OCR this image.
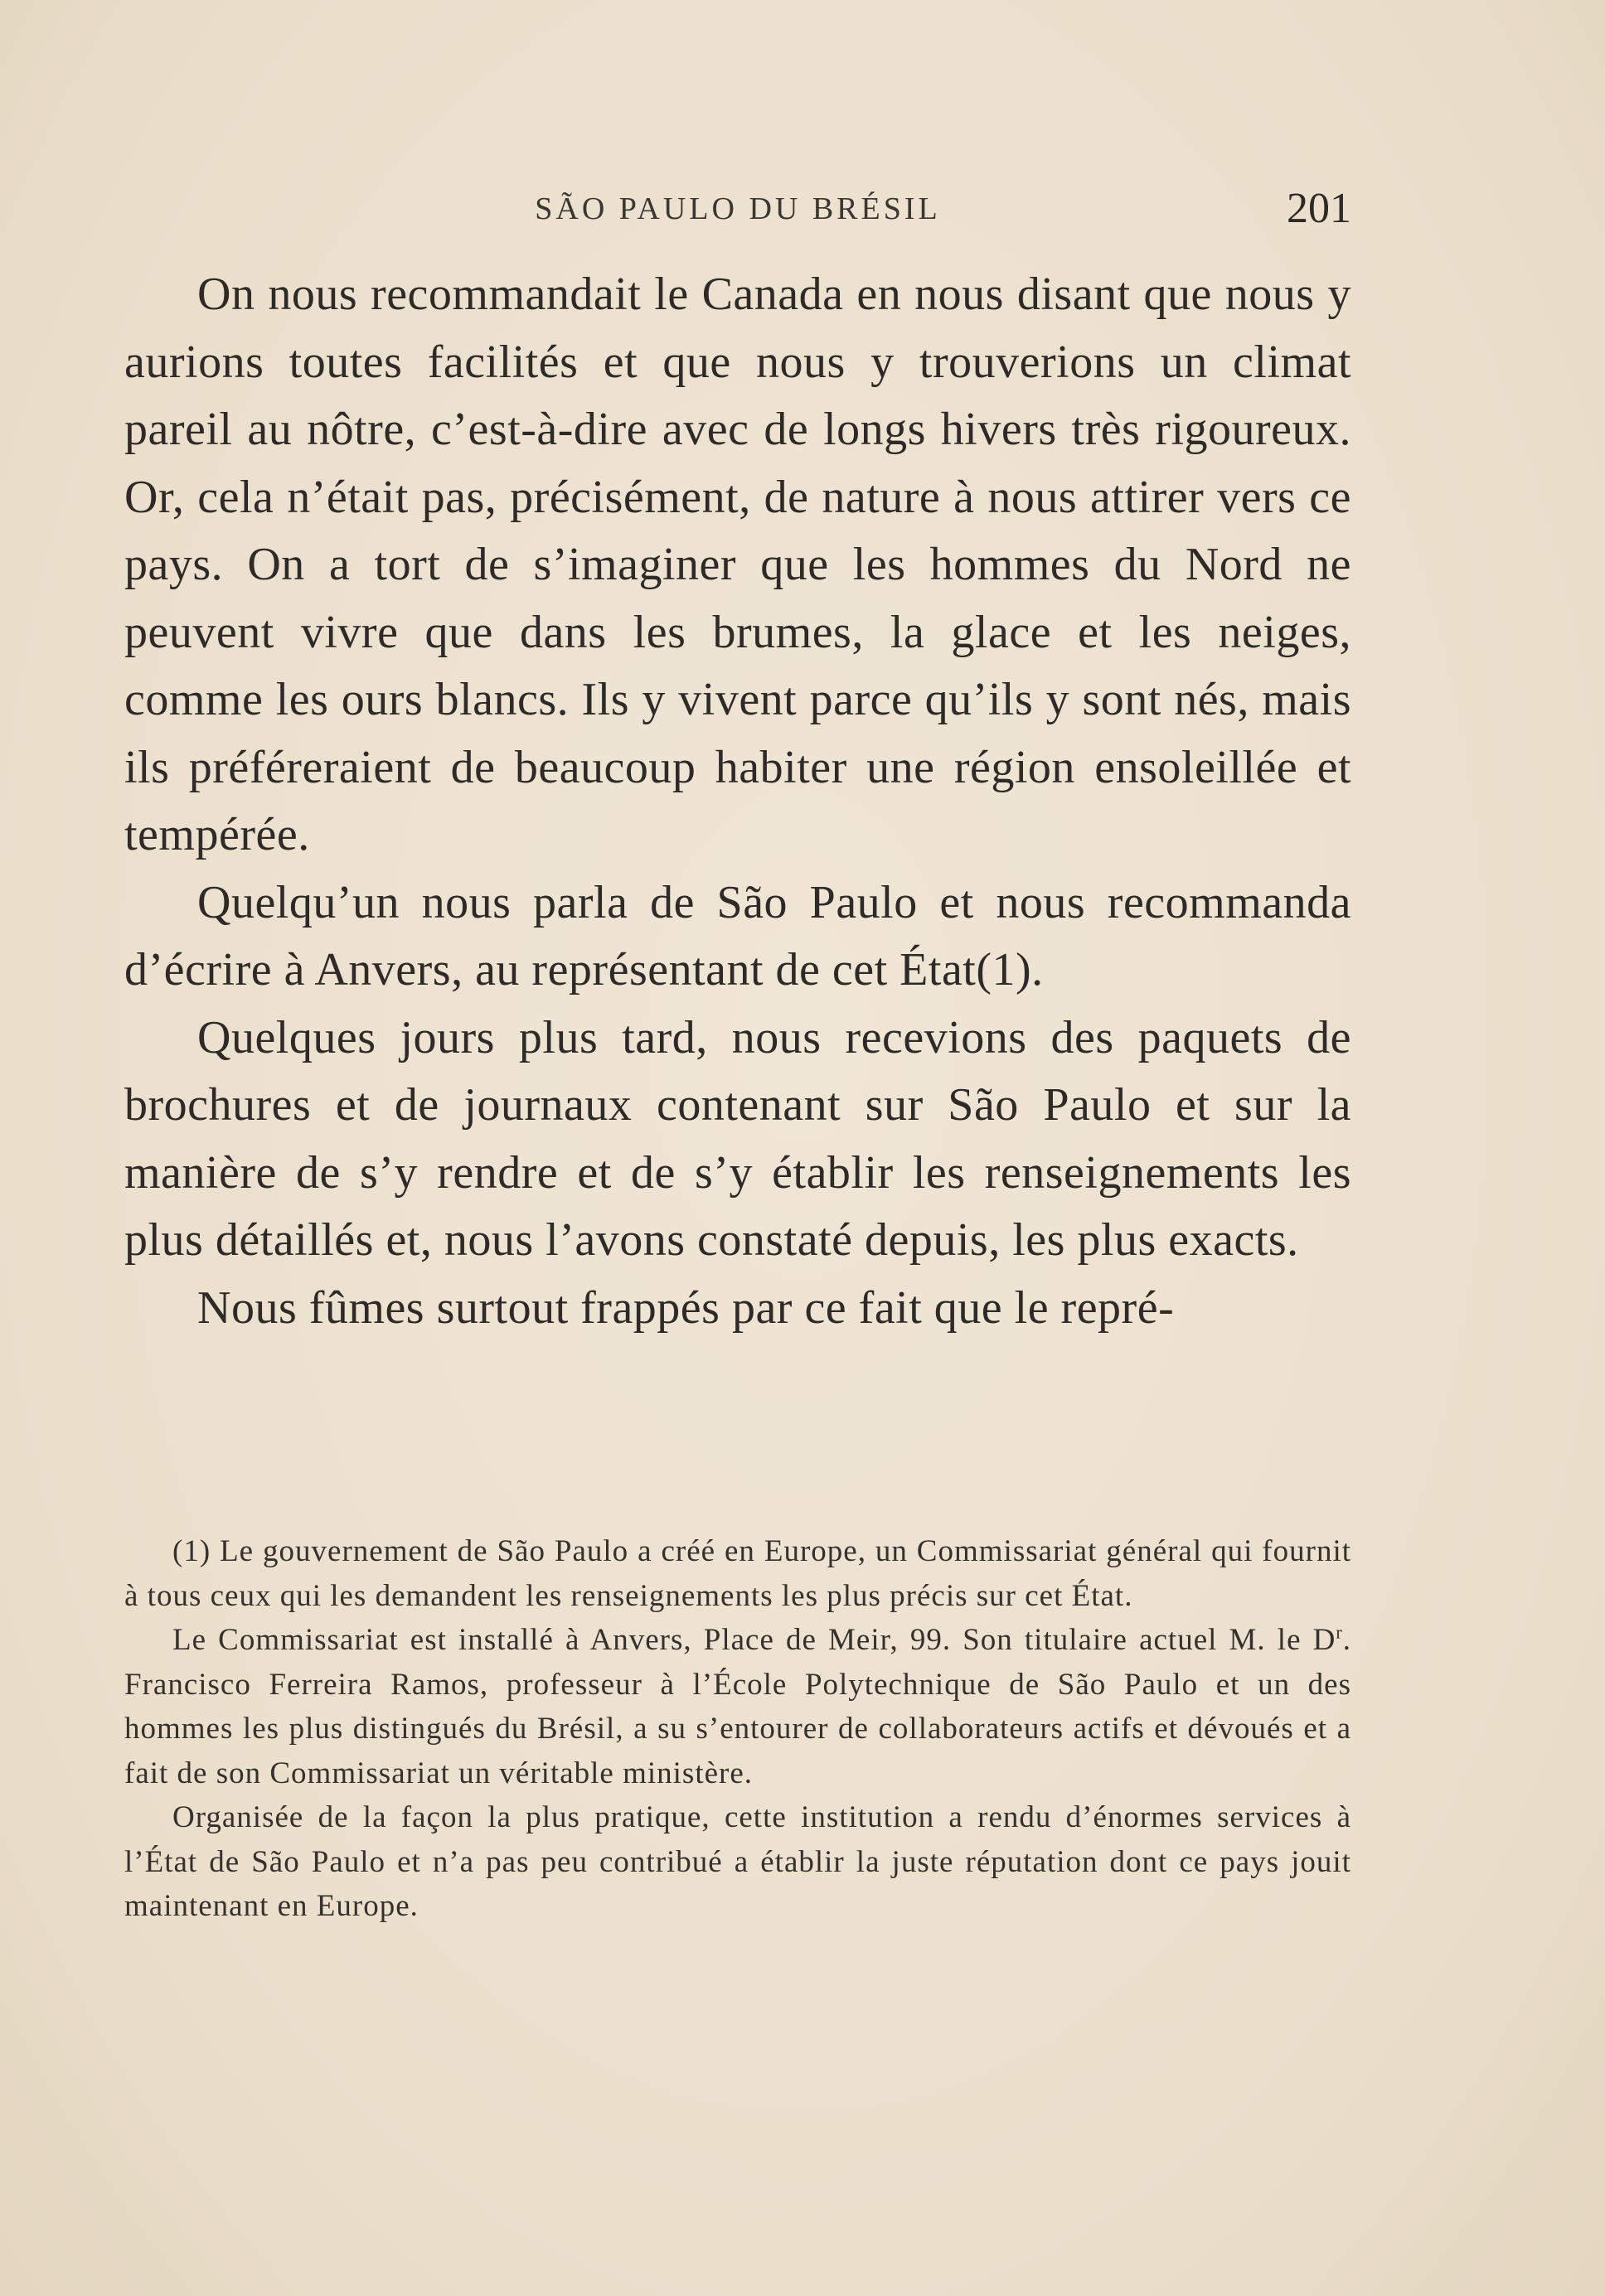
SÃO PAULO DU BRÉSIL	201

On nous recommandait le Canada en nous disant que nous y aurions toutes facilités et que nous y trouverions un climat pareil au nôtre, c’est-à-dire avec de longs hivers très rigoureux. Or, cela n’était pas, précisément, de nature à nous attirer vers ce pays. On a tort de s’imaginer que les hommes du Nord ne peuvent vivre que dans les brumes, la glace et les neiges, comme les ours blancs. Ils y vivent parce qu’ils y sont nés, mais ils préféreraient de beaucoup habiter une région ensoleillée et tempérée.

Quelqu’un nous parla de São Paulo et nous recommanda d’écrire à Anvers, au représentant de cet État(1).

Quelques jours plus tard, nous recevions des paquets de brochures et de journaux contenant sur São Paulo et sur la manière de s’y rendre et de s’y établir les renseignements les plus détaillés et, nous l’avons constaté depuis, les plus exacts.

Nous fûmes surtout frappés par ce fait que le repré-

(1) Le gouvernement de São Paulo a créé en Europe, un Commissariat général qui fournit à tous ceux qui les demandent les renseignements les plus précis sur cet État.

Le Commissariat est installé à Anvers, Place de Meir, 99. Son titulaire actuel M. le D$^r$. Francisco Ferreira Ramos, professeur à l’École Polytechnique de São Paulo et un des hommes les plus distingués du Brésil, a su s’entourer de collaborateurs actifs et dévoués et a fait de son Commissariat un véritable ministère.

Organisée de la façon la plus pratique, cette institution a rendu d’énormes services à l’État de São Paulo et n’a pas peu contribué a établir la juste réputation dont ce pays jouit maintenant en Europe.
